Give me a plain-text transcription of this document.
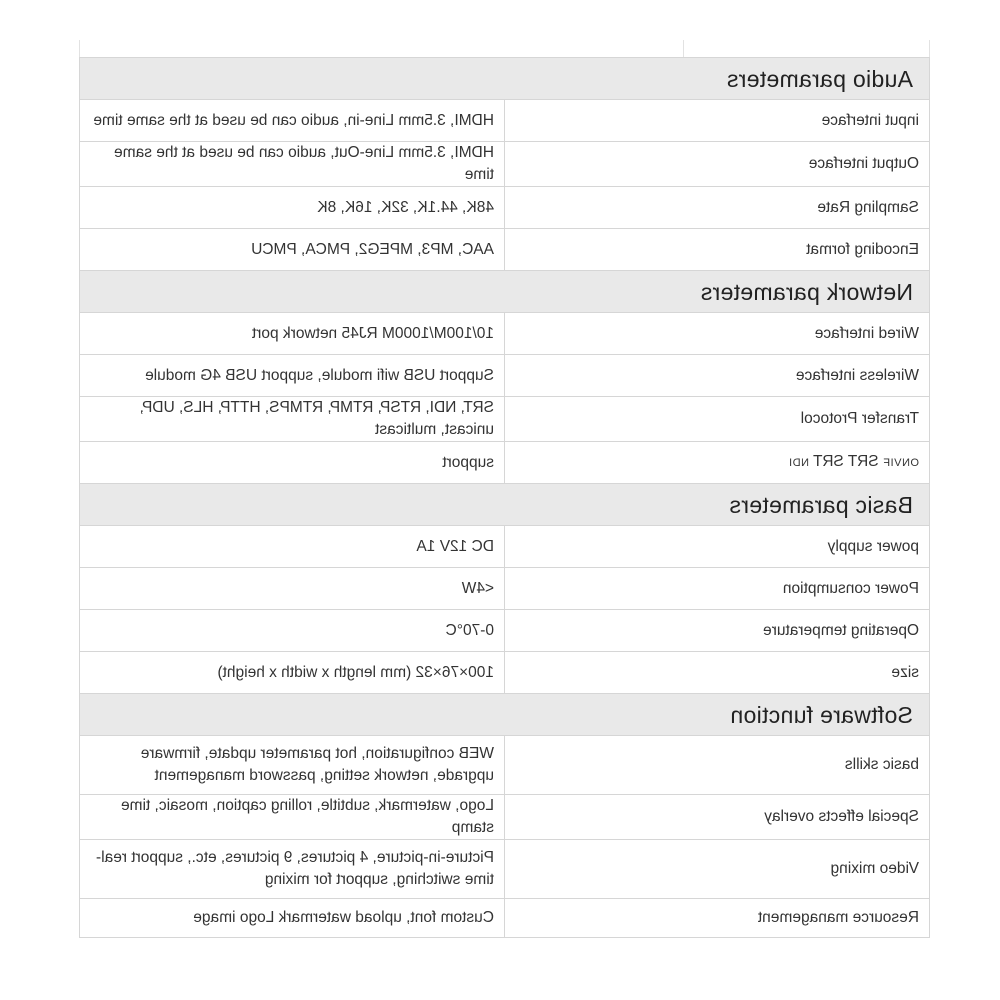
Audio parameters	
input interface	HDMI, 3.5mm Line-in, audio can be used at the same time
Output interface	HDMI, 3.5mm Line-Out, audio can be used at the same time
Sampling Rate	48K, 44.1K, 32K, 16K, 8K
Encoding format	AAC, MP3, MPEG2, PMCA, PMCU
Network parameters	
Wired interface	10/100M/1000M RJ45 network port
Wireless interface	Support USB wifi module, support USB 4G module
Transfer Protocol	SRT, NDI, RTSP, RTMP, RTMPS, HTTP, HLS, UDP, unicast, multicast
ONVIF SRT SRT NDI	support
Basic parameters	
power supply	DC 12V 1A
Power consumption	<4W
Operating temperature	0-70°C
size	100×76×32 (mm length x width x height)
Software function	
basic skills	WEB configuration, hot parameter update, firmware upgrade, network setting, password management
Special effects overlay	Logo, watermark, subtitle, rolling caption, mosaic, time stamp
Video mixing	Picture-in-picture, 4 pictures, 9 pictures, etc., support real-time switching, support for mixing
Resource management	Custom font, upload watermark Logo image
